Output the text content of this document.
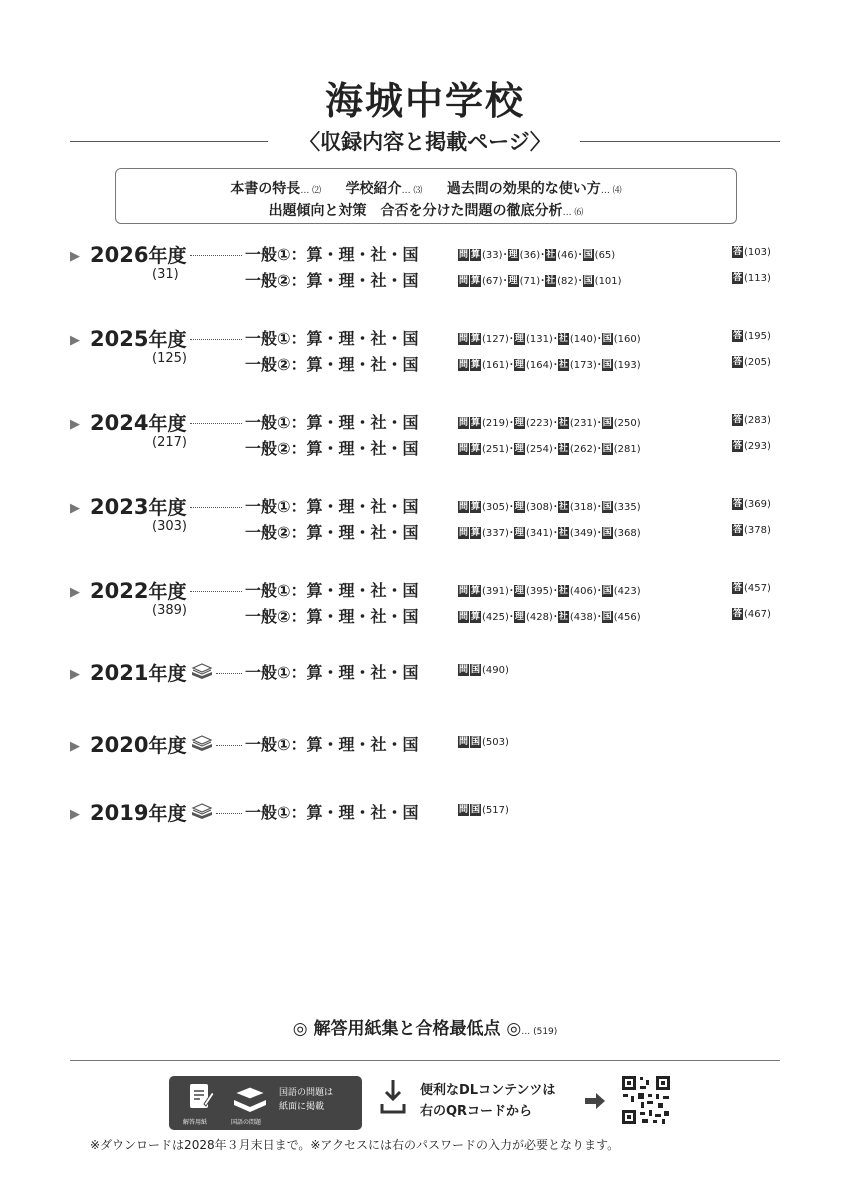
海城中学校
〈収録内容と掲載ページ〉
本書の特長… ⑵ 学校紹介… ⑶ 過去問の効果的な使い方… ⑷
出題傾向と対策　合否を分けた問題の徹底分析… ⑹
▶ 2026年度
(31)
一般①：算・理・社・国	問 算 (33)･理 (36)･社 (46)･国 (65)	答 (103)
一般②：算・理・社・国	問 算 (67)･理 (71)･社 (82)･国 (101)	答 (113)
▶ 2025年度
(125)
一般①：算・理・社・国	問 算 (127)･理 (131)･社 (140)･国 (160)	答 (195)
一般②：算・理・社・国	問 算 (161)･理 (164)･社 (173)･国 (193)	答 (205)
▶ 2024年度
(217)
一般①：算・理・社・国	問 算 (219)･理 (223)･社 (231)･国 (250)	答 (283)
一般②：算・理・社・国	問 算 (251)･理 (254)･社 (262)･国 (281)	答 (293)
▶ 2023年度
(303)
一般①：算・理・社・国	問 算 (305)･理 (308)･社 (318)･国 (335)	答 (369)
一般②：算・理・社・国	問 算 (337)･理 (341)･社 (349)･国 (368)	答 (378)
▶ 2022年度
(389)
一般①：算・理・社・国	問 算 (391)･理 (395)･社 (406)･国 (423)	答 (457)
一般②：算・理・社・国	問 算 (425)･理 (428)･社 (438)･国 (456)	答 (467)
▶ 2021年度	一般①：算・理・社・国	問 国 (490)
▶ 2020年度	一般①：算・理・社・国	問 国 (503)
▶ 2019年度	一般①：算・理・社・国	問 国 (517)
◎ 解答用紙集と合格最低点 ◎… (519)
解答用紙	国語の問題
国語の問題は
紙面に掲載
便利なDLコンテンツは
右のQRコードから
※ダウンロードは2028年３月末日まで。※アクセスには右のパスワードの入力が必要となります。
